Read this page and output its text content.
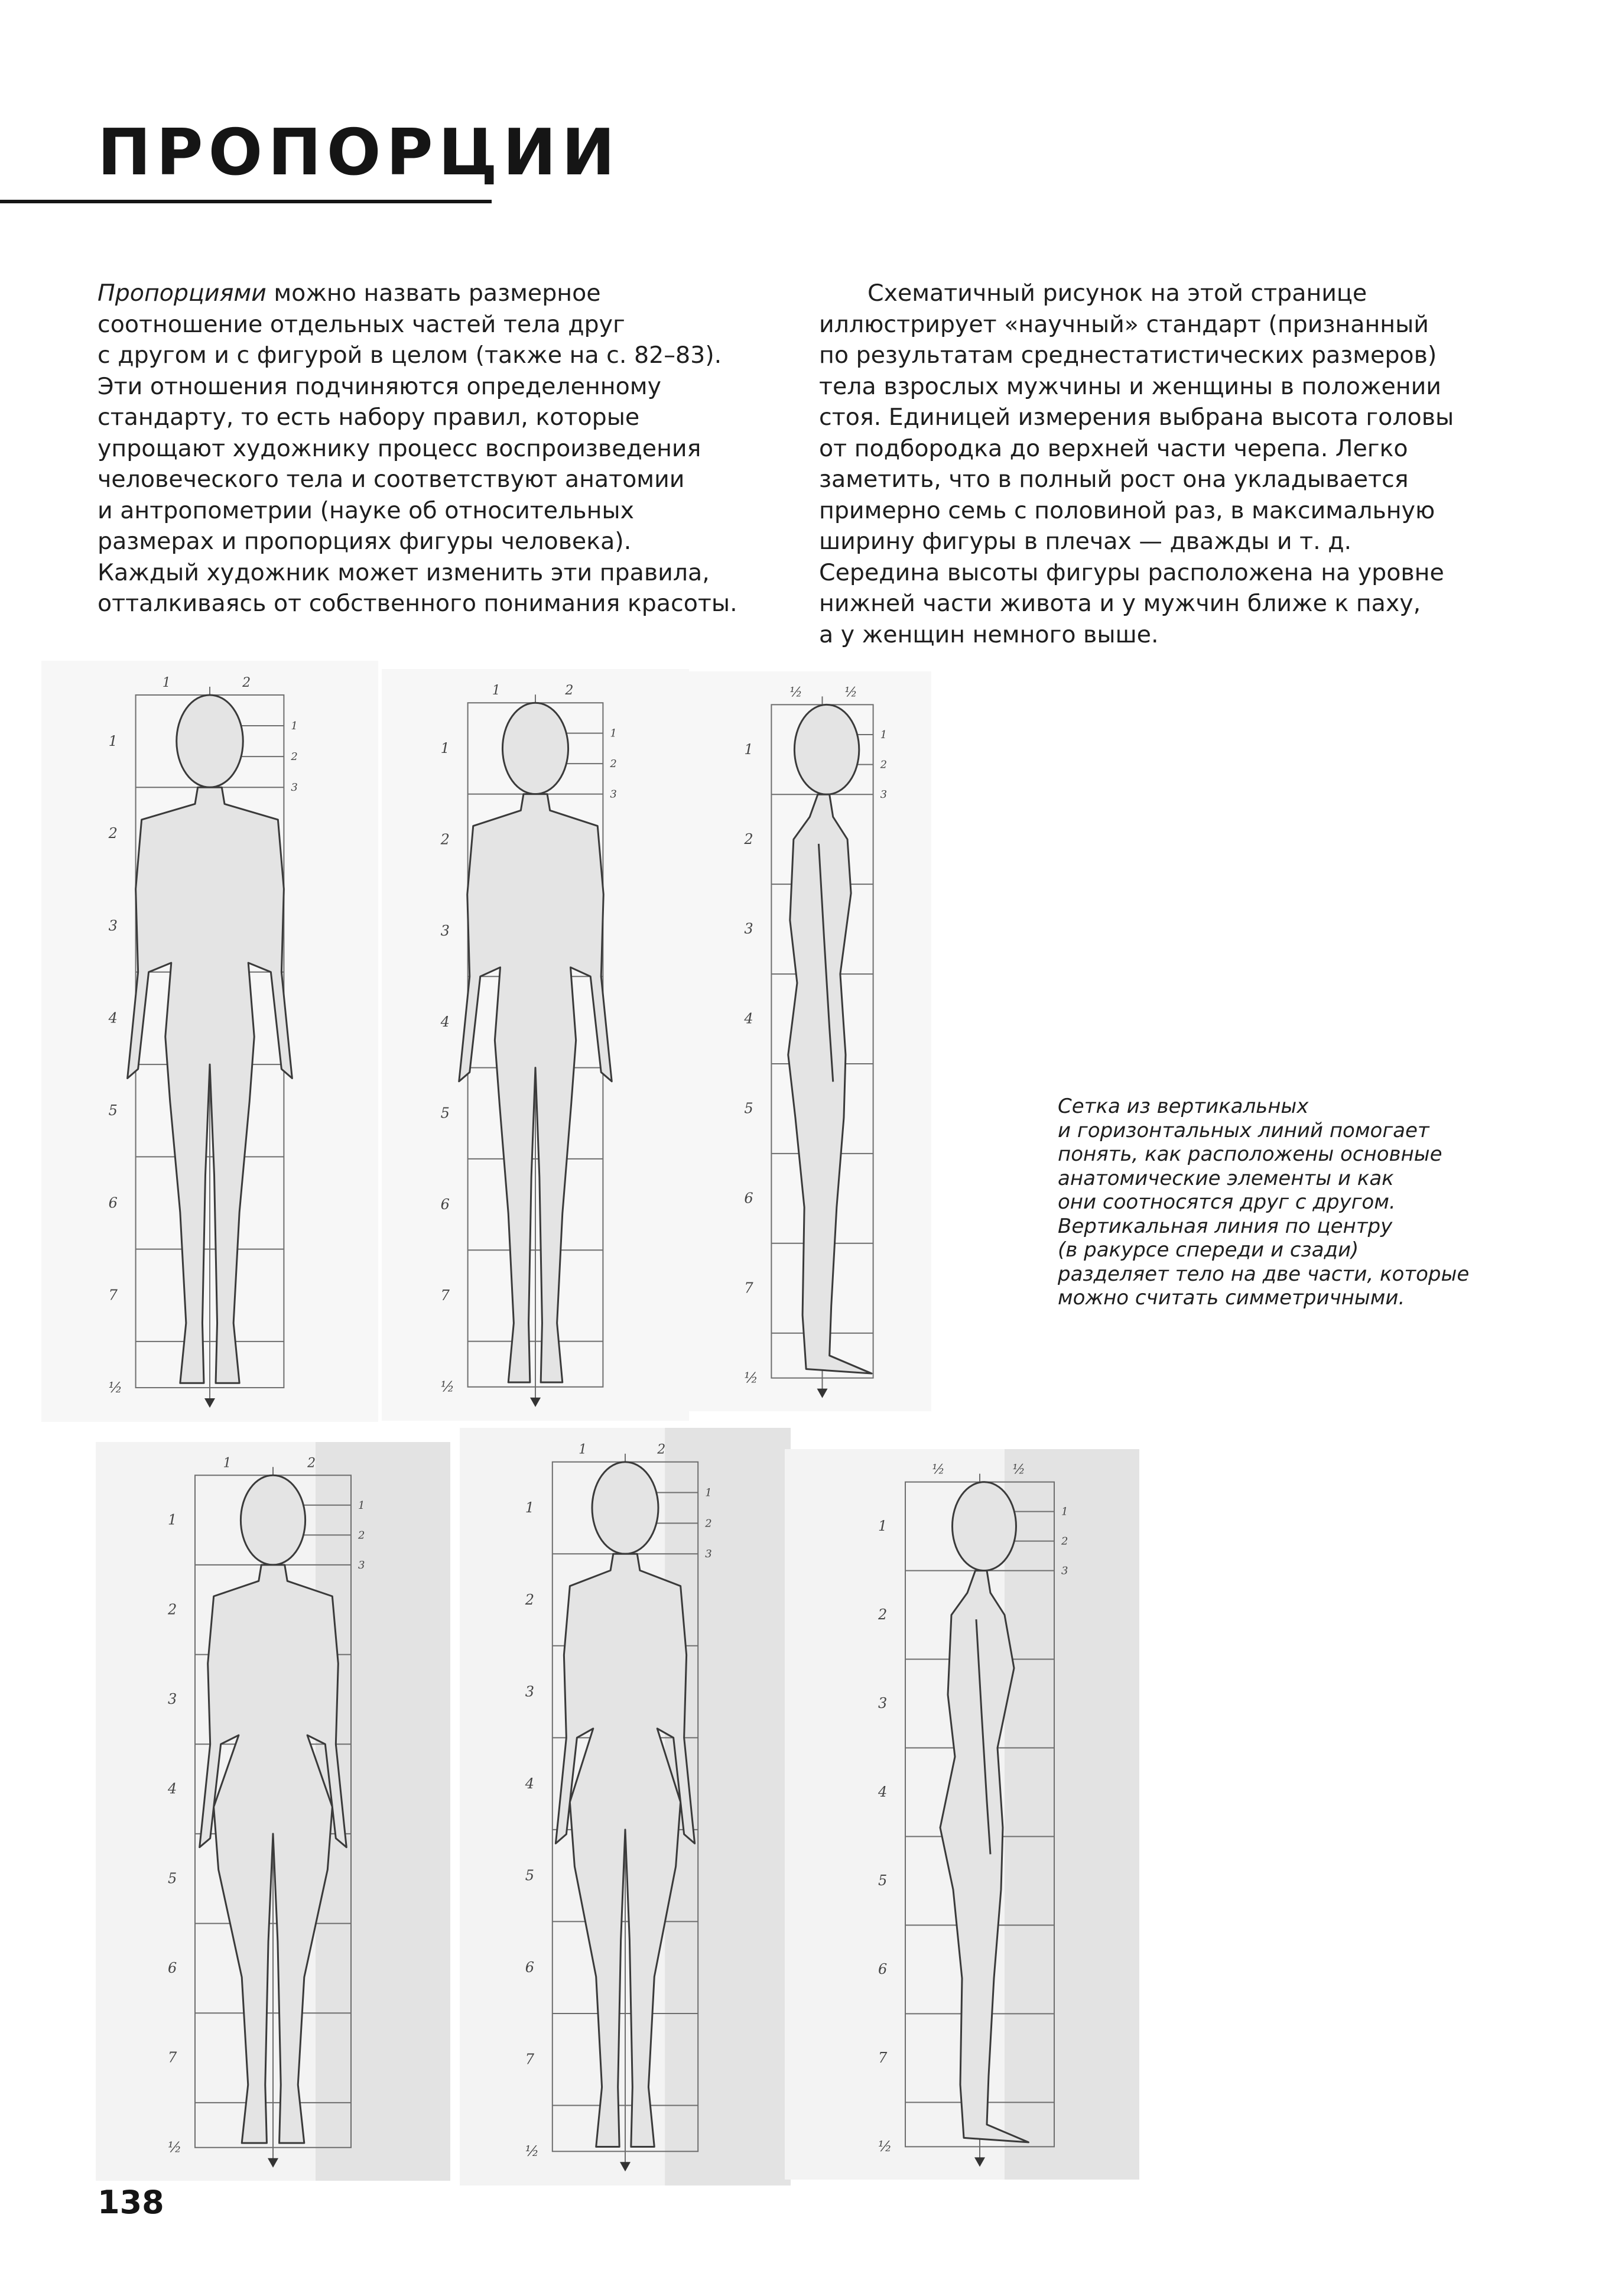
ПРОПОРЦИИ

Пропорциями можно назвать размерное
соотношение отдельных частей тела друг
с другом и с фигурой в целом (также на с. 82–83).
Эти отношения подчиняются определенному
стандарту, то есть набору правил, которые
упрощают художнику процесс воспроизведения
человеческого тела и соответствуют анатомии
и антропометрии (науке об относительных
размерах и пропорциях фигуры человека).
Каждый художник может изменить эти правила,
отталкиваясь от собственного понимания красоты.

Схематичный рисунок на этой странице
иллюстрирует «научный» стандарт (признанный
по результатам среднестатистических размеров)
тела взрослых мужчины и женщины в положении
стоя. Единицей измерения выбрана высота головы
от подбородка до верхней части черепа. Легко
заметить, что в полный рост она укладывается
примерно семь с половиной раз, в максимальную
ширину фигуры в плечах — дважды и т. д.
Середина высоты фигуры расположена на уровне
нижней части живота и у мужчин ближе к паху,
а у женщин немного выше.

Сетка из вертикальных
и горизонтальных линий помогает
понять, как расположены основные
анатомические элементы и как
они соотносятся друг с другом.
Вертикальная линия по центру
(в ракурсе спереди и сзади)
разделяет тело на две части, которые
можно считать симметричными.

1
2
3
4
5
6
7
½
1
2
3
1	2
1
2
3
4
5
6
7
½
1
2
3
1	2
1
2
3
4
5
6
7
½
1
2
3
½	½
1
2
3
4
5
6
7
½
1
2
3
1	2
1
2
3
4
5
6
7
½
1
2
3
1	2
1
2
3
4
5
6
7
½
1
2
3
½	½
138
